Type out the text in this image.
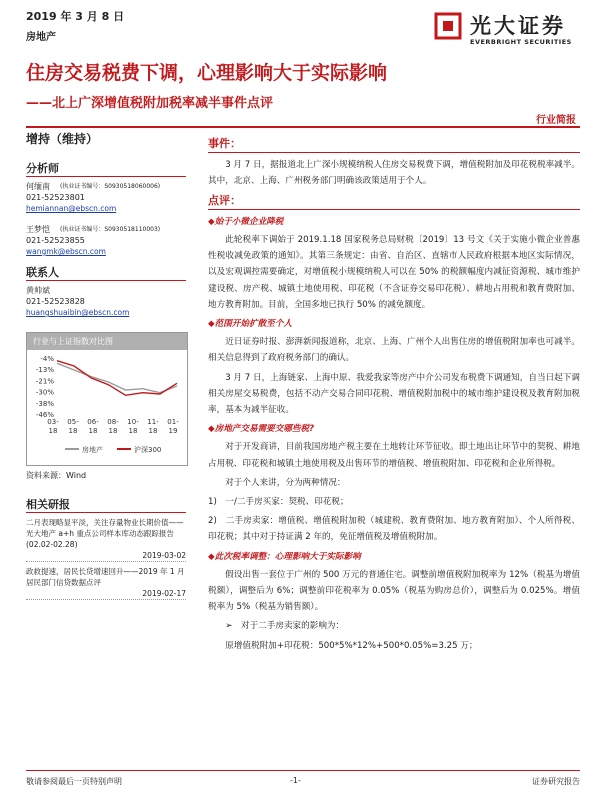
2019 年 3 月 8 日
房地产	光大证券
EVERBRIGHT SECURITIES
住房交易税费下调，心理影响大于实际影响
——北上广深增值税附加税率减半事件点评
行业简报
增持（维持）
分析师
何缅南	(执业证书编号：S0930518060006)
021-52523801
hemiannan@ebscn.com
王梦恺	(执业证书编号：S0930518110003)
021-52523855
wangmk@ebscn.com
联系人
黄帅斌
021-52523828
huangshuaibin@ebscn.com
行业与上证指数对比图
-4%
-13%
-21%
-30%
-38%
-46%
03-
18
05-
18
06-
18
08-
18
10-
18
11-
18
01-
19
房地产	沪深300
资料来源：Wind
相关研报
二月表现略显平淡，关注存量物业长期价值——光大地产 a+h 重点公司样本库动态跟踪报告 (02.02-02.28)
2019-03-02
政救提速，居民长贷增速回升——2019 年 1 月居民部门信贷数据点评
2019-02-17
事件：

3 月 7 日，据报道北上广深小规模纳税人住房交易税费下调，增值税附加及印花税税率减半。其中，北京、上海、广州税务部门明确该政策适用于个人。

点评：
◆始于小微企业降税

此轮税率下调始于 2019.1.18 国家税务总局财税〔2019〕13 号文《关于实施小微企业普惠性税收减免政策的通知》。其第三条规定：由省、自治区、直辖市人民政府根据本地区实际情况，以及宏观调控需要确定，对增值税小规模纳税人可以在 50% 的税额幅度内减征资源税、城市维护建设税、房产税、城镇土地使用税、印花税（不含证券交易印花税）、耕地占用税和教育费附加、地方教育附加。目前，全国多地已执行 50% 的减免额度。

◆范围开始扩散至个人

近日证券时报、澎湃新闻报道称，北京、上海、广州个人出售住房的增值税附加率也可减半。相关信息得到了政府税务部门的确认。

3 月 7 日，上海链家、上海中原、我爱我家等房产中介公司发布税费下调通知，自当日起下调相关房屋交易税费，包括不动产交易合同印花税、增值税附加税中的城市维护建设税及教育附加税率，基本为减半征收。

◆房地产交易需要交哪些税?

对于开发商讲，目前我国房地产税主要在土地转让环节征收。即土地出让环节中的契税、耕地占用税、印花税和城镇土地使用税及出售环节的增值税、增值税附加、印花税和企业所得税。

对于个人来讲，分为两种情况：

1)　一/二手房买家：契税、印花税；

2)　二手房卖家：增值税、增值税附加税（城建税、教育费附加、地方教育附加）、个人所得税、印花税；其中对于持证满 2 年的，免征增值税及增值税附加。

◆此次税率调整：心理影响大于实际影响

假设出售一套位于广州的 500 万元的普通住宅。调整前增值税附加税率为 12%（税基为增值税额），调整后为 6%；调整前印花税率为 0.05%（税基为购房总价），调整后为 0.025%。增值税率为 5%（税基为销售额）。

➢　对于二手房卖家的影响为：

原增值税附加+印花税：500*5%*12%+500*0.05%=3.25 万；

敬请参阅最后一页特别声明	-1-	证券研究报告
